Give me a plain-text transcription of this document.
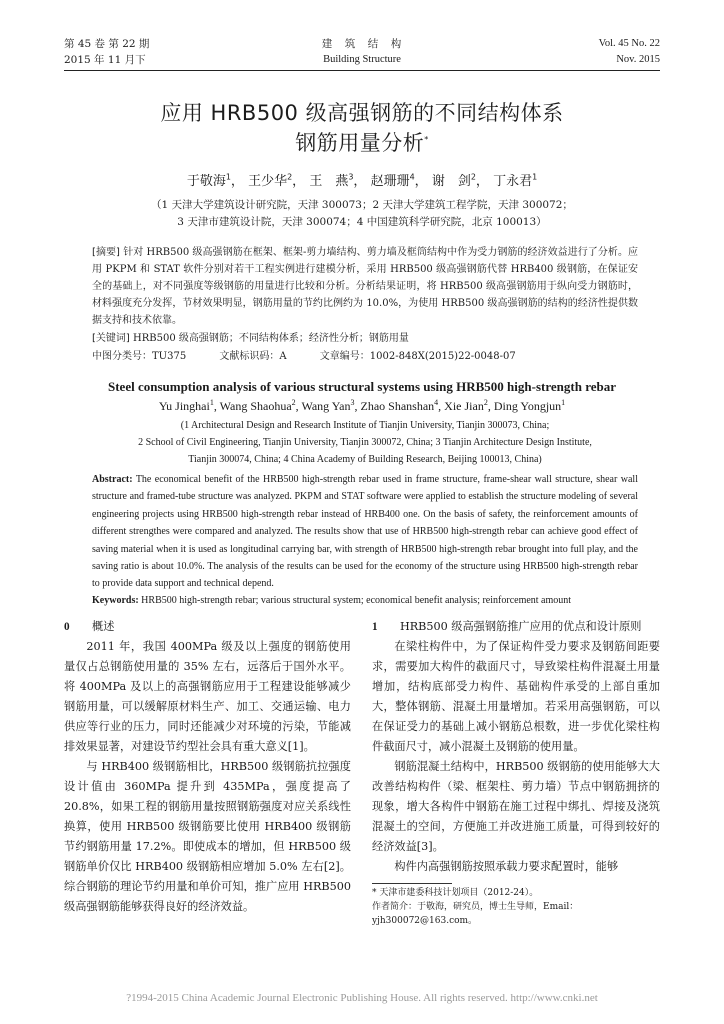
第 45 卷 第 22 期
2015 年 11 月下
建　筑　结　构
Building Structure
Vol. 45 No. 22
Nov. 2015
应用 HRB500 级高强钢筋的不同结构体系
钢筋用量分析*
于敬海$^1$， 王少华$^2$， 王　燕$^3$， 赵珊珊$^4$， 谢　剑$^2$， 丁永君$^1$
（1 天津大学建筑设计研究院，天津 300073；2 天津大学建筑工程学院，天津 300072；
3 天津市建筑设计院，天津 300074；4 中国建筑科学研究院，北京 100013）
[摘要] 针对 HRB500 级高强钢筋在框架、框架-剪力墙结构、剪力墙及框筒结构中作为受力钢筋的经济效益进行了分析。应用 PKPM 和 STAT 软件分别对若干工程实例进行建模分析，采用 HRB500 级高强钢筋代替 HRB400 级钢筋，在保证安全的基础上，对不同强度等级钢筋的用量进行比较和分析。分析结果证明，将 HRB500 级高强钢筋用于纵向受力钢筋时，材料强度充分发挥，节材效果明显，钢筋用量的节约比例约为 10.0%，为使用 HRB500 级高强钢筋的结构的经济性提供数据支持和技术依靠。
[关键词] HRB500 级高强钢筋；不同结构体系；经济性分析；钢筋用量
中图分类号：TU375	文献标识码：A	文章编号：1002-848X(2015)22-0048-07
Steel consumption analysis of various structural systems using HRB500 high-strength rebar
Yu Jinghai$^1$, Wang Shaohua$^2$, Wang Yan$^3$, Zhao Shanshan$^4$, Xie Jian$^2$, Ding Yongjun$^1$
(1 Architectural Design and Research Institute of Tianjin University, Tianjin 300073, China;
2 School of Civil Engineering, Tianjin University, Tianjin 300072, China; 3 Tianjin Architecture Design Institute,
Tianjin 300074, China; 4 China Academy of Building Research, Beijing 100013, China)
Abstract: The economical benefit of the HRB500 high-strength rebar used in frame structure, frame-shear wall structure, shear wall structure and framed-tube structure was analyzed. PKPM and STAT software were applied to establish the structure modeling of several engineering projects using HRB500 high-strength rebar instead of HRB400 one. On the basis of safety, the reinforcement amounts of different strengthes were compared and analyzed. The results show that use of HRB500 high-strength rebar can achieve good effect of saving material when it is used as longitudinal carrying bar, with strength of HRB500 high-strength rebar brought into full play, and the saving ratio is about 10.0%. The analysis of the results can be used for the economy of the structure using HRB500 high-strength rebar to provide data support and technical depend.
Keywords: HRB500 high-strength rebar; various structural system; economical benefit analysis; reinforcement amount
0 概述

2011 年，我国 400MPa 级及以上强度的钢筋使用量仅占总钢筋使用量的 35% 左右，远落后于国外水平。将 400MPa 及以上的高强钢筋应用于工程建设能够减少钢筋用量，可以缓解原材料生产、加工、交通运输、电力供应等行业的压力，同时还能减少对环境的污染，节能减排效果显著，对建设节约型社会具有重大意义[1]。

与 HRB400 级钢筋相比，HRB500 级钢筋抗拉强度设计值由 360MPa 提升到 435MPa，强度提高了 20.8%，如果工程的钢筋用量按照钢筋强度对应关系线性换算，使用 HRB500 级钢筋要比使用 HRB400 级钢筋节约钢筋用量 17.2%。即使成本的增加，但 HRB500 级钢筋单价仅比 HRB400 级钢筋相应增加 5.0% 左右[2]。综合钢筋的理论节约用量和单价可知，推广应用 HRB500 级高强钢筋能够获得良好的经济效益。

1 HRB500 级高强钢筋推广应用的优点和设计原则

在梁柱构件中，为了保证构件受力要求及钢筋间距要求，需要加大构件的截面尺寸，导致梁柱构件混凝土用量增加，结构底部受力构件、基础构件承受的上部自重加大，整体钢筋、混凝土用量增加。若采用高强钢筋，可以在保证受力的基础上减小钢筋总根数，进一步优化梁柱构件截面尺寸，减小混凝土及钢筋的使用量。

钢筋混凝土结构中，HRB500 级钢筋的使用能够大大改善结构构件（梁、框架柱、剪力墙）节点中钢筋拥挤的现象，增大各构件中钢筋在施工过程中绑扎、焊接及浇筑混凝土的空间，方便施工并改进施工质量，可得到较好的经济效益[3]。

构件内高强钢筋按照承载力要求配置时，能够

* 天津市建委科技计划项目（2012-24）。
作者简介：于敬海，研究员，博士生导师，Email：yjh300072@163.com。
?1994-2015 China Academic Journal Electronic Publishing House. All rights reserved. http://www.cnki.net
